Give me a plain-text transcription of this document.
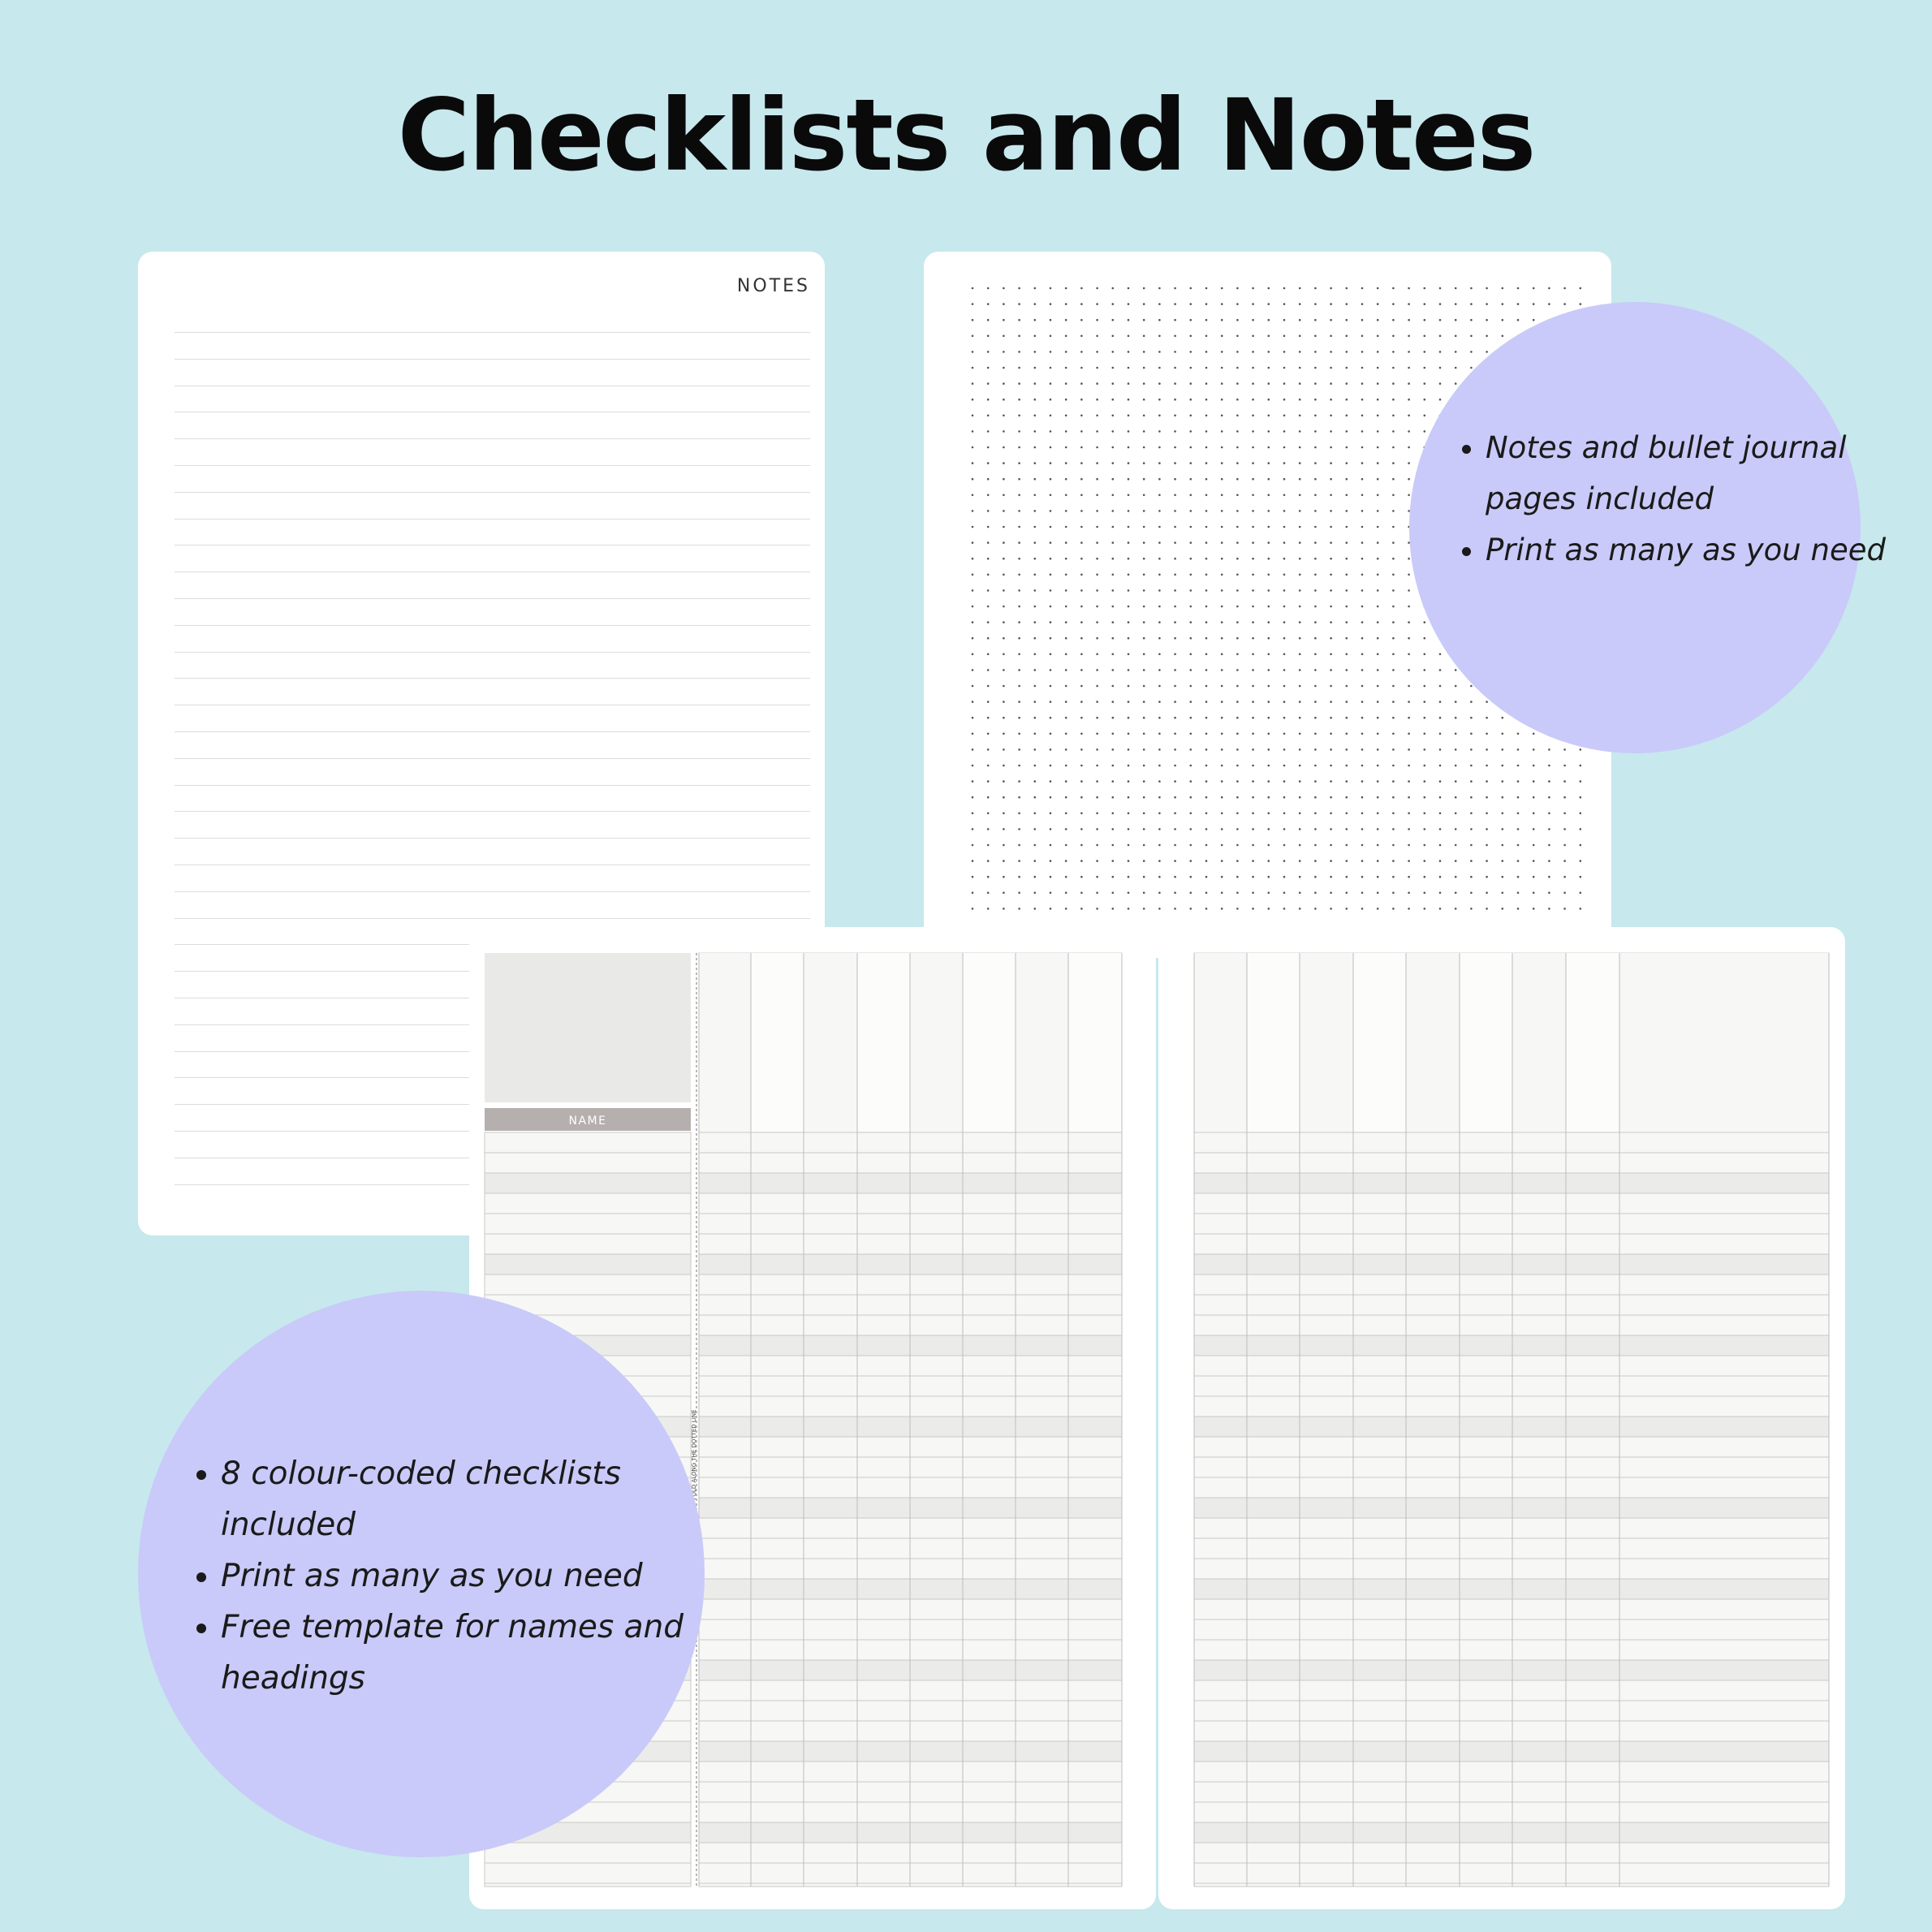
Checklists and Notes
NOTES
NAME
FOLD ALONG THE DOTTED LINE
• Notes and bullet journal pages included
• Print as many as you need
• 8 colour-coded checklists  included
• Print as many as you need
• Free template for names and headings
